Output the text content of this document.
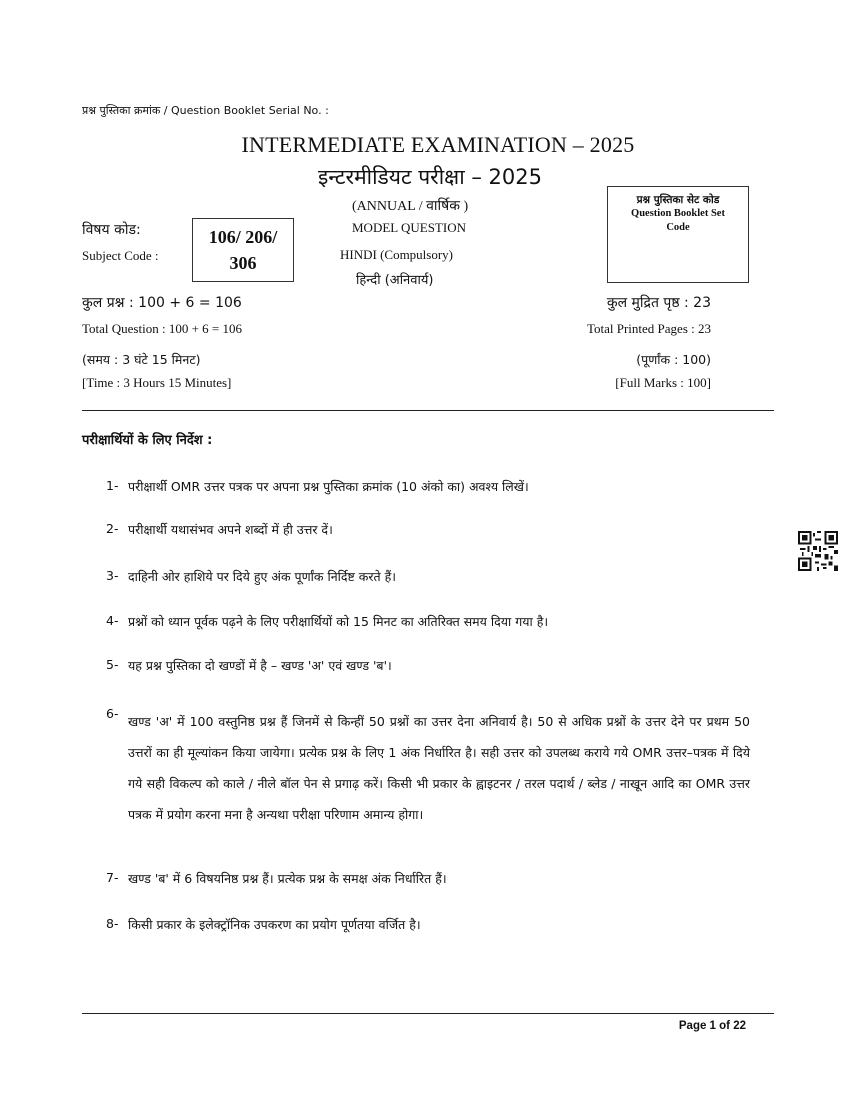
प्रश्न पुस्तिका क्रमांक / Question Booklet Serial No. :
INTERMEDIATE EXAMINATION – 2025
इन्टरमीडियट परीक्षा – 2025
(ANNUAL / वार्षिक )
MODEL QUESTION
HINDI (Compulsory)
हिन्दी (अनिवार्य)
विषय कोड:
Subject Code :
106/ 206/
306
प्रश्न पुस्तिका सेट कोड
Question Booklet Set
Code
कुल प्रश्न : 100 + 6 = 106
Total Question : 100 + 6 = 106
कुल मुद्रित पृष्ठ : 23
Total Printed Pages : 23
(समय : 3 घंटे 15 मिनट)
[Time : 3 Hours 15 Minutes]
(पूर्णांक : 100)
[Full Marks : 100]
परीक्षार्थियों के लिए निर्देश :
1- परीक्षार्थी OMR उत्तर पत्रक पर अपना प्रश्न पुस्तिका क्रमांक (10 अंको का) अवश्य लिखें।
2- परीक्षार्थी यथासंभव अपने शब्दों में ही उत्तर दें।
3- दाहिनी ओर हाशिये पर दिये हुए अंक पूर्णांक निर्दिष्ट करते हैं।
4- प्रश्नों को ध्यान पूर्वक पढ़ने के लिए परीक्षार्थियों को 15 मिनट का अतिरिक्त समय दिया गया है।
5- यह प्रश्न पुस्तिका दो खण्डों में है – खण्ड 'अ' एवं खण्ड 'ब'।
6-
खण्ड 'अ' में 100 वस्तुनिष्ठ प्रश्न हैं जिनमें से किन्हीं 50 प्रश्नों का उत्तर देना अनिवार्य है। 50 से अधिक प्रश्नों के उत्तर देने पर प्रथम 50 उत्तरों का ही मूल्यांकन किया जायेगा। प्रत्येक प्रश्न के लिए 1 अंक निर्धारित है। सही उत्तर को उपलब्ध कराये गये OMR उत्तर–पत्रक में दिये गये सही विकल्प को काले / नीले बॉल पेन से प्रगाढ़ करें। किसी भी प्रकार के ह्वाइटनर / तरल पदार्थ / ब्लेड / नाखून आदि का OMR उत्तर पत्रक में प्रयोग करना मना है अन्यथा परीक्षा परिणाम अमान्य होगा।
7- खण्ड 'ब' में 6 विषयनिष्ठ प्रश्न हैं। प्रत्येक प्रश्न के समक्ष अंक निर्धारित हैं।
8- किसी प्रकार के इलेक्ट्रॉनिक उपकरण का प्रयोग पूर्णतया वर्जित है।
Page 1 of 22
